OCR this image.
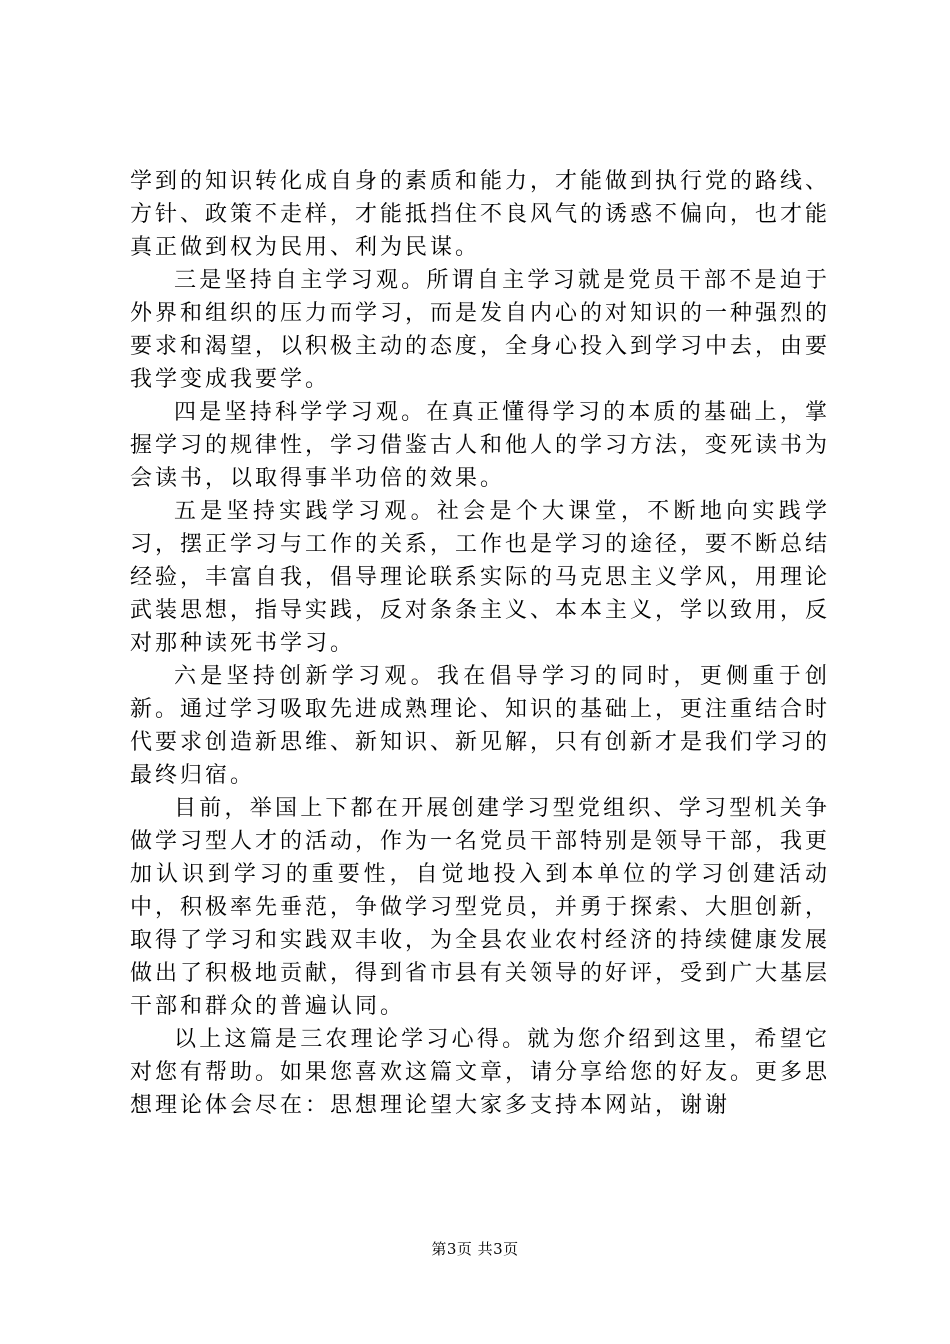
学到的知识转化成自身的素质和能力，才能做到执行党的路线、方针、政策不走样，才能抵挡住不良风气的诱惑不偏向，也才能真正做到权为民用、利为民谋。

三是坚持自主学习观。所谓自主学习就是党员干部不是迫于外界和组织的压力而学习，而是发自内心的对知识的一种强烈的要求和渴望，以积极主动的态度，全身心投入到学习中去，由要我学变成我要学。

四是坚持科学学习观。在真正懂得学习的本质的基础上，掌握学习的规律性，学习借鉴古人和他人的学习方法，变死读书为会读书，以取得事半功倍的效果。

五是坚持实践学习观。社会是个大课堂，不断地向实践学习，摆正学习与工作的关系，工作也是学习的途径，要不断总结经验，丰富自我，倡导理论联系实际的马克思主义学风，用理论武装思想，指导实践，反对条条主义、本本主义，学以致用，反对那种读死书学习。

六是坚持创新学习观。我在倡导学习的同时，更侧重于创新。通过学习吸取先进成熟理论、知识的基础上，更注重结合时代要求创造新思维、新知识、新见解，只有创新才是我们学习的最终归宿。

目前，举国上下都在开展创建学习型党组织、学习型机关争做学习型人才的活动，作为一名党员干部特别是领导干部，我更加认识到学习的重要性，自觉地投入到本单位的学习创建活动中，积极率先垂范，争做学习型党员，并勇于探索、大胆创新，取得了学习和实践双丰收，为全县农业农村经济的持续健康发展做出了积极地贡献，得到省市县有关领导的好评，受到广大基层干部和群众的普遍认同。

以上这篇是三农理论学习心得。就为您介绍到这里，希望它对您有帮助。如果您喜欢这篇文章，请分享给您的好友。更多思想理论体会尽在：思想理论望大家多支持本网站，谢谢

第3页 共3页
